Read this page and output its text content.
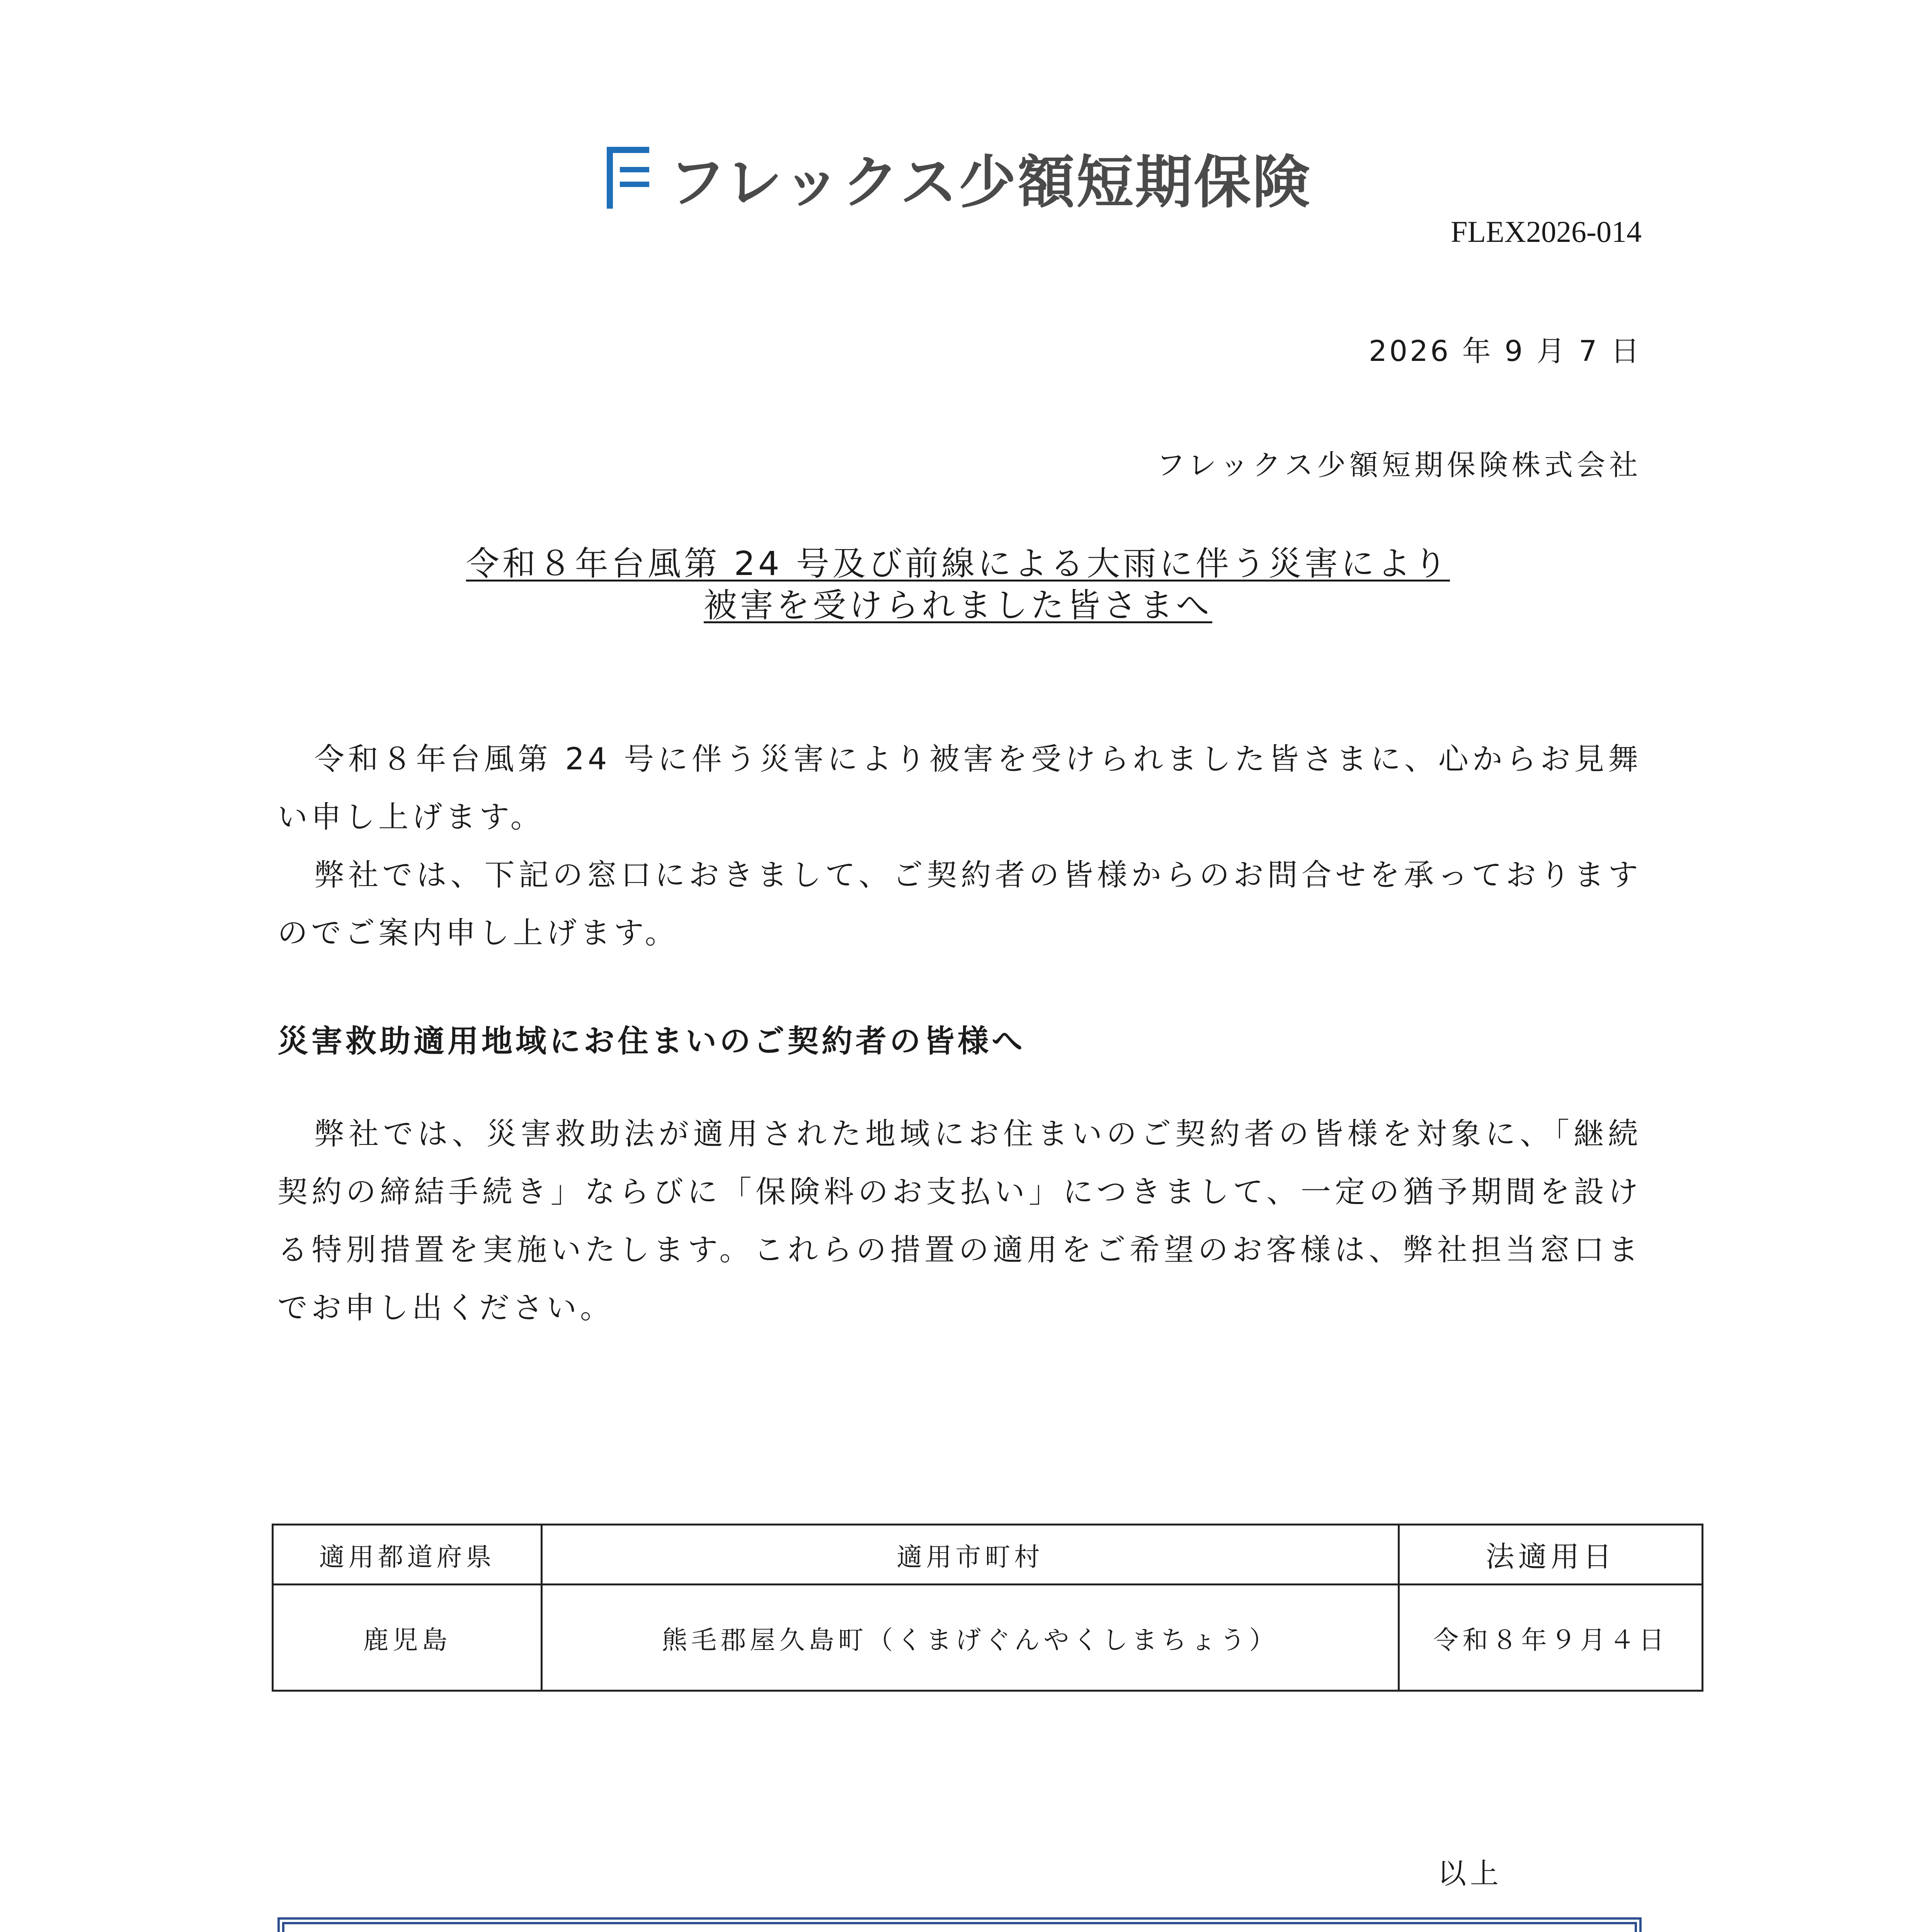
フレックス少額短期保険
FLEX2026-014
2026 年 9 月 7 日
フレックス少額短期保険株式会社
令和８年台風第 24 号及び前線による大雨に伴う災害により
被害を受けられました皆さまへ

令和８年台風第 24 号に伴う災害により被害を受けられました皆さまに、心からお見舞い申し上げます。

弊社では、下記の窓口におきまして、ご契約者の皆様からのお問合せを承っておりますのでご案内申し上げます。

災害救助適用地域にお住まいのご契約者の皆様へ

弊社では、災害救助法が適用された地域にお住まいのご契約者の皆様を対象に、「継続契約の締結手続き」ならびに「保険料のお支払い」につきまして、一定の猶予期間を設ける特別措置を実施いたします。これらの措置の適用をご希望のお客様は、弊社担当窓口までお申し出ください。

適用都道府県	適用市町村	法適用日
鹿児島	熊毛郡屋久島町（くまげぐんやくしまちょう）	令和８年９月４日
以上
